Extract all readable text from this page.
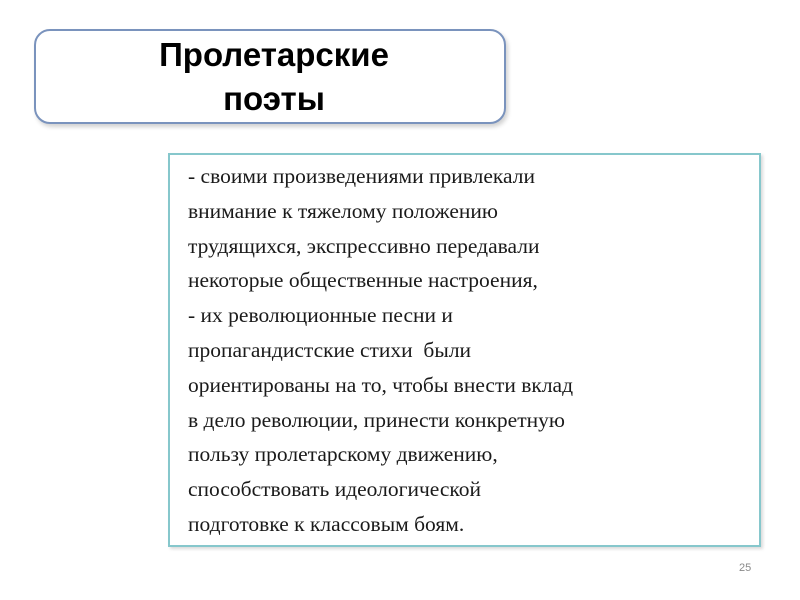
Пролетарские
поэты
- своими произведениями привлекали
внимание к тяжелому положению
трудящихся, экспрессивно передавали
некоторые общественные настроения,
- их революционные песни и
пропагандистские стихи  были
ориентированы на то, чтобы внести вклад
в дело революции, принести конкретную
пользу пролетарскому движению,
способствовать идеологической
подготовке к классовым боям.
25
